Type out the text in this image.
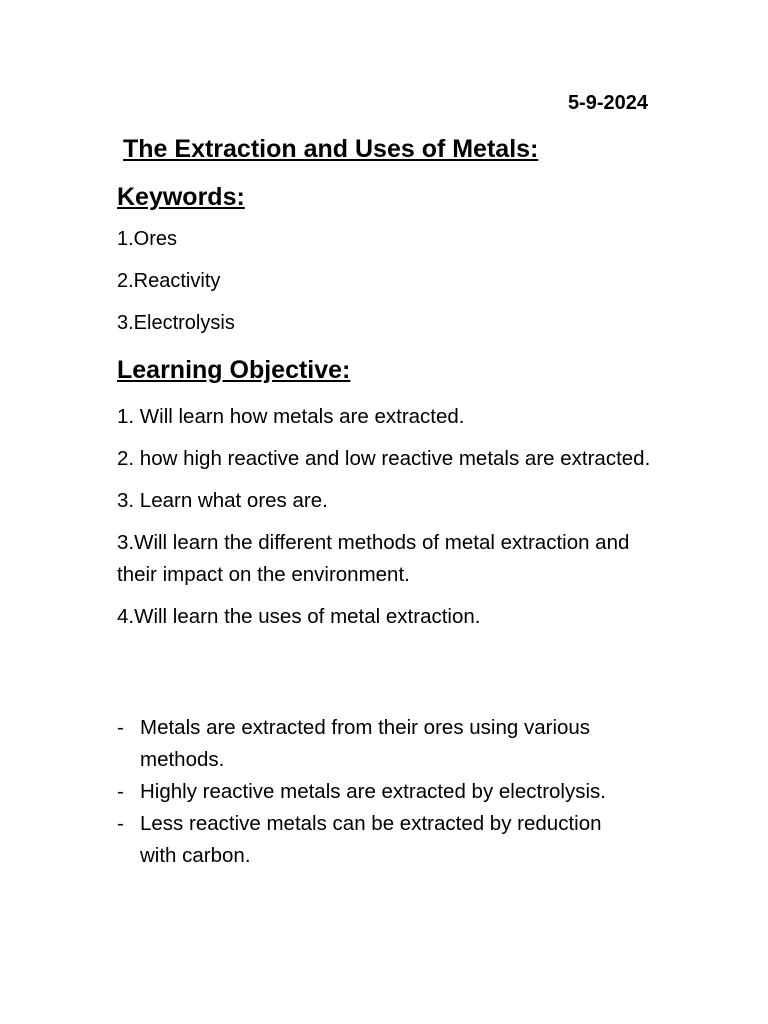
5-9-2024
The Extraction and Uses of Metals:
Keywords:
1.Ores
2.Reactivity
3.Electrolysis
Learning Objective:
1. Will learn how metals are extracted.
2. how high reactive and low reactive metals are extracted.
3. Learn what ores are.
3.Will learn the different methods of metal extraction and their impact on the environment.
4.Will learn the uses of metal extraction.
- Metals are extracted from their ores using various methods.
- Highly reactive metals are extracted by electrolysis.
- Less reactive metals can be extracted by reduction with carbon.
